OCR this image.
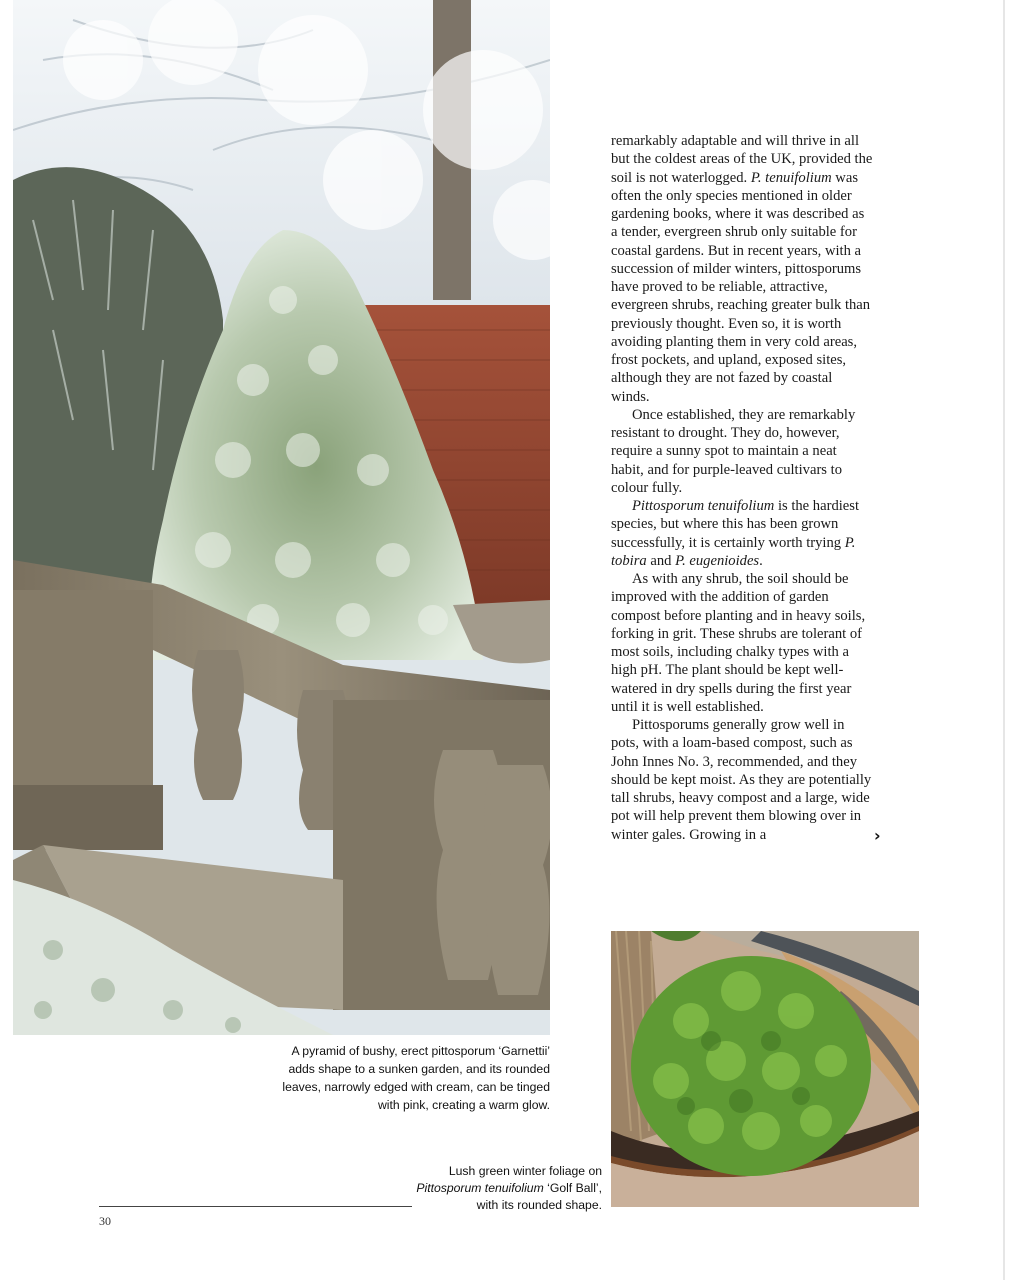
A pyramid of bushy, erect pittosporum ‘Garnettii’ adds shape to a sunken garden, and its rounded leaves, narrowly edged with cream, can be tinged with pink, creating a warm glow.

remarkably adaptable and will thrive in all but the coldest areas of the UK, provided the soil is not waterlogged. P. tenuifolium was often the only species mentioned in older gardening books, where it was described as a tender, evergreen shrub only suitable for coastal gardens. But in recent years, with a succession of milder winters, pittosporums have proved to be reliable, attractive, evergreen shrubs, reaching greater bulk than previously thought. Even so, it is worth avoiding planting them in very cold areas, frost pockets, and upland, exposed sites, although they are not fazed by coastal winds.

Once established, they are remarkably resistant to drought. They do, however, require a sunny spot to maintain a neat habit, and for purple-leaved cultivars to colour fully.

Pittosporum tenuifolium is the hardiest species, but where this has been grown successfully, it is certainly worth trying P. tobira and P. eugenioides.

As with any shrub, the soil should be improved with the addition of garden compost before planting and in heavy soils, forking in grit. These shrubs are tolerant of most soils, including chalky types with a high pH. The plant should be kept well-watered in dry spells during the first year until it is well established.

Pittosporums generally grow well in pots, with a loam-based compost, such as John Innes No. 3, recommended, and they should be kept moist. As they are potentially tall shrubs, heavy compost and a large, wide pot will help prevent them blowing over in winter gales. Growing in a	›
Lush green winter foliage on Pittosporum tenuifolium ‘Golf Ball’, with its rounded shape.
30
